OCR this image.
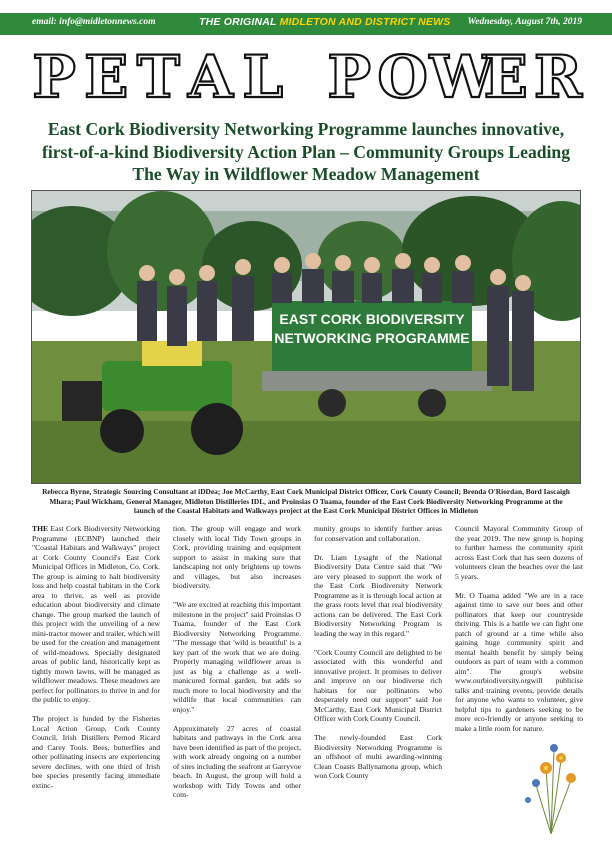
email: info@midletonnews.com	THE ORIGINAL MIDLETON AND DISTRICT NEWS Wednesday, August 7th, 2019
P E T A L P O W
E R
East Cork Biodiversity Networking Programme launches innovative, first-of-a-kind Biodiversity Action Plan – Community Groups Leading The Way in Wildflower Meadow Management
EAST CORK BIODIVERSITY
NETWORKING PROGRAMME
Rebecca Byrne, Strategic Sourcing Consultant at iDDea; Joe McCarthy, East Cork Municipal District Officer, Cork County Council; Brenda O'Riordan, Bord Iascaigh Mhara; Paul Wickham, General Manager, Midleton Distilleries IDL, and Proinsias O Tuama, founder of the East Cork Biodiversity Networking Programme at the launch of the Coastal Habitats and Walkways project at the East Cork Municipal District Offices in Midleton

THE East Cork Biodiversity Networking Programme (ECBNP) launched their "Coastal Habitats and Walkways" project at Cork County Council's East Cork Municipal Offices in Midleton, Co. Cork. The group is aiming to halt biodiversity loss and help coastal habitats in the Cork area to thrive, as well as provide education about biodiversity and climate change. The group marked the launch of this project with the unveiling of a new mini-tractor mower and trailer, which will be used for the creation and management of wild-meadows. Specially designated areas of public land, historically kept as tightly mown lawns, will be managed as wildflower meadows. These meadows are perfect for pollinators to thrive in and for the public to enjoy.

The project is funded by the Fisheries Local Action Group, Cork County Council, Irish Distillers Pernod Ricard and Carey Tools. Bees, butterflies and other pollinating insects are experiencing severe declines, with one third of Irish bee species presently facing immediate extinc-

tion. The group will engage and work closely with local Tidy Town groups in Cork, providing training and equipment support to assist in making sure that landscaping not only brightens up towns and villages, but also increases biodiversity.

"We are excited at reaching this important milestone in the project" said Proinsias O Tuama, founder of the East Cork Biodiversity Networking Programme. "The message that 'wild is beautiful' is a key part of the work that we are doing. Properly managing wildflower areas is just as big a challenge as a well-manicured formal garden, but adds so much more to local biodiversity and the wildlife that local communities can enjoy."

Approximately 27 acres of coastal habitats and pathways in the Cork area have been identified as part of the project, with work already ongoing on a number of sites including the seafront at Garryvoe beach. In August, the group will hold a workshop with Tidy Towns and other com-

munity groups to identify further areas for conservation and collaboration.

Dr. Liam Lysaght of the National Biodiversity Data Centre said that "We are very pleased to support the work of the East Cork Biodiversity Network Programme as it is through local action at the grass roots level that real biodiversity actions can be delivered. The East Cork Biodiversity Networking Program is leading the way in this regard."

"Cork County Council are delighted to be associated with this wonderful and innovative project. It promises to deliver and improve on our biodiverse rich habitats for our pollinators who desperately need our support" said Joe McCarthy, East Cork Municipal District Officer with Cork County Council.

The newly-founded East Cork Biodiversity Networking Programme is an offshoot of multi awarding-winning Clean Coasts Ballynamona group, which won Cork County

Council Mayoral Community Group of the year 2019. The new group is hoping to further harness the community spirit across East Cork that has seen dozens of volunteers clean the beaches over the last 5 years.

Mr. O Tuama added "We are in a race against time to save our bees and other pollinators that keep our countryside thriving. This is a battle we can fight one patch of ground at a time while also gaining huge community spirit and mental health benefit by simply being outdoors as part of team with a common aim". The group's website www.ourbiodiversity.orgwill publicise talks and training events, provide details for anyone who wants to volunteer, give helpful tips to gardeners seeking to be more eco-friendly or anyone seeking to make a little room for nature.
